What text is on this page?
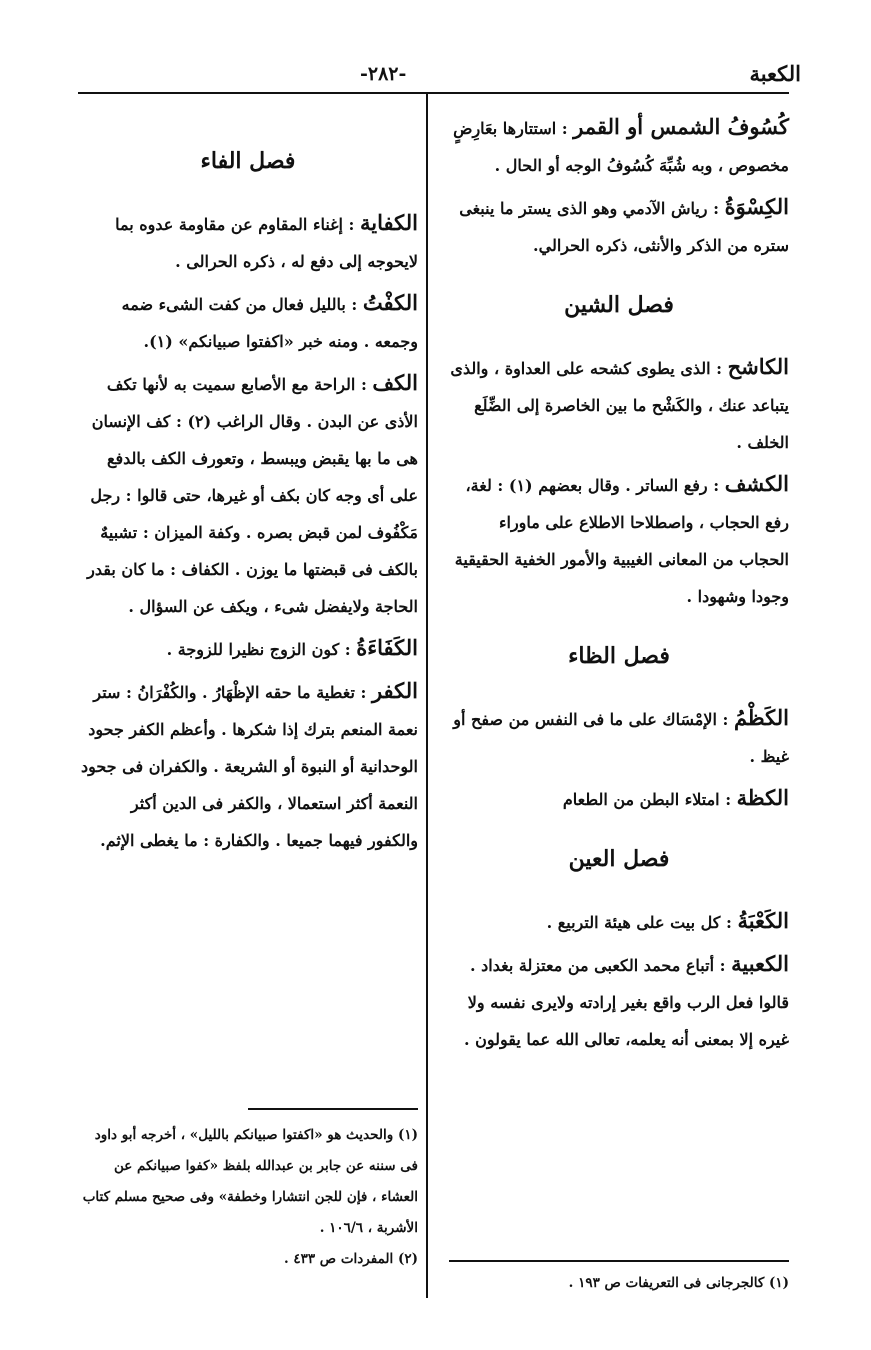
الكعبة
-٢٨٢-

كُسُوفُ الشمس أو القمر : استتارها بعَارِضٍ مخصوص ، وبه شُبِّهَ كُسُوفُ الوجه أو الحال .

الكِسْوَةُ : رياش الآدمي وهو الذى يستر ما ينبغى ستره من الذكر والأنثى، ذكره الحرالي.

فصل الشين

الكاشح : الذى يطوى كشحه على العداوة ، والذى يتباعد عنك ، والكَشْح ما بين الخاصرة إلى الضِّلَع الخلف .

الكشف : رفع الساتر . وقال بعضهم (١) : لغة، رفع الحجاب ، واصطلاحا الاطلاع على ماوراء الحجاب من المعانى الغيبية والأمور الخفية الحقيقية وجودا وشهودا .

فصل الظاء

الكَظْمُ : الإمْسَاك على ما فى النفس من صفح أو غيظ .

الكظة : امتلاء البطن من الطعام

فصل العين

الكَعْبَةُ : كل بيت على هيئة التربيع .

الكعبية : أتباع محمد الكعبى من معتزلة بغداد . قالوا فعل الرب واقع بغير إرادته ولايرى نفسه ولا غيره إلا بمعنى أنه يعلمه، تعالى الله عما يقولون .

(١) كالجرجانى فى التعريفات ص ١٩٣ .
فصل الفاء

الكفاية : إغناء المقاوم عن مقاومة عدوه بما لايحوجه إلى دفع له ، ذكره الحرالى .

الكفْتُ : بالليل فعال من كفت الشىء ضمه وجمعه . ومنه خبر «اكفتوا صبيانكم» (١).

الكف : الراحة مع الأصابع سميت به لأنها تكف الأذى عن البدن . وقال الراغب (٢) : كف الإنسان هى ما بها يقبض ويبسط ، وتعورف الكف بالدفع على أى وجه كان بكف أو غيرها، حتى قالوا : رجل مَكْفُوف لمن قبض بصره . وكفة الميزان : تشبيهٌ بالكف فى قبضتها ما يوزن . الكفاف : ما كان بقدر الحاجة ولايفضل شىء ، ويكف عن السؤال .

الكَفَاءَةُ : كون الزوج نظيرا للزوجة .

الكفر : تغطية ما حقه الإظْهَارُ . والكُفْرَانُ : ستر نعمة المنعم بترك إذا شكرها . وأعظم الكفر جحود الوحدانية أو النبوة أو الشريعة . والكفران فى جحود النعمة أكثر استعمالا ، والكفر فى الدين أكثر والكفور فيهما جميعا . والكفارة : ما يغطى الإثم.

(١) والحديث هو «اكفتوا صبيانكم بالليل» ، أخرجه أبو داود فى سننه عن جابر بن عبدالله بلفظ «كفوا صبيانكم عن العشاء ، فإن للجن انتشارا وخطفة» وفى صحيح مسلم كتاب الأشربة ، ١٠٦/٦ .
(٢) المفردات ص ٤٣٣ .
